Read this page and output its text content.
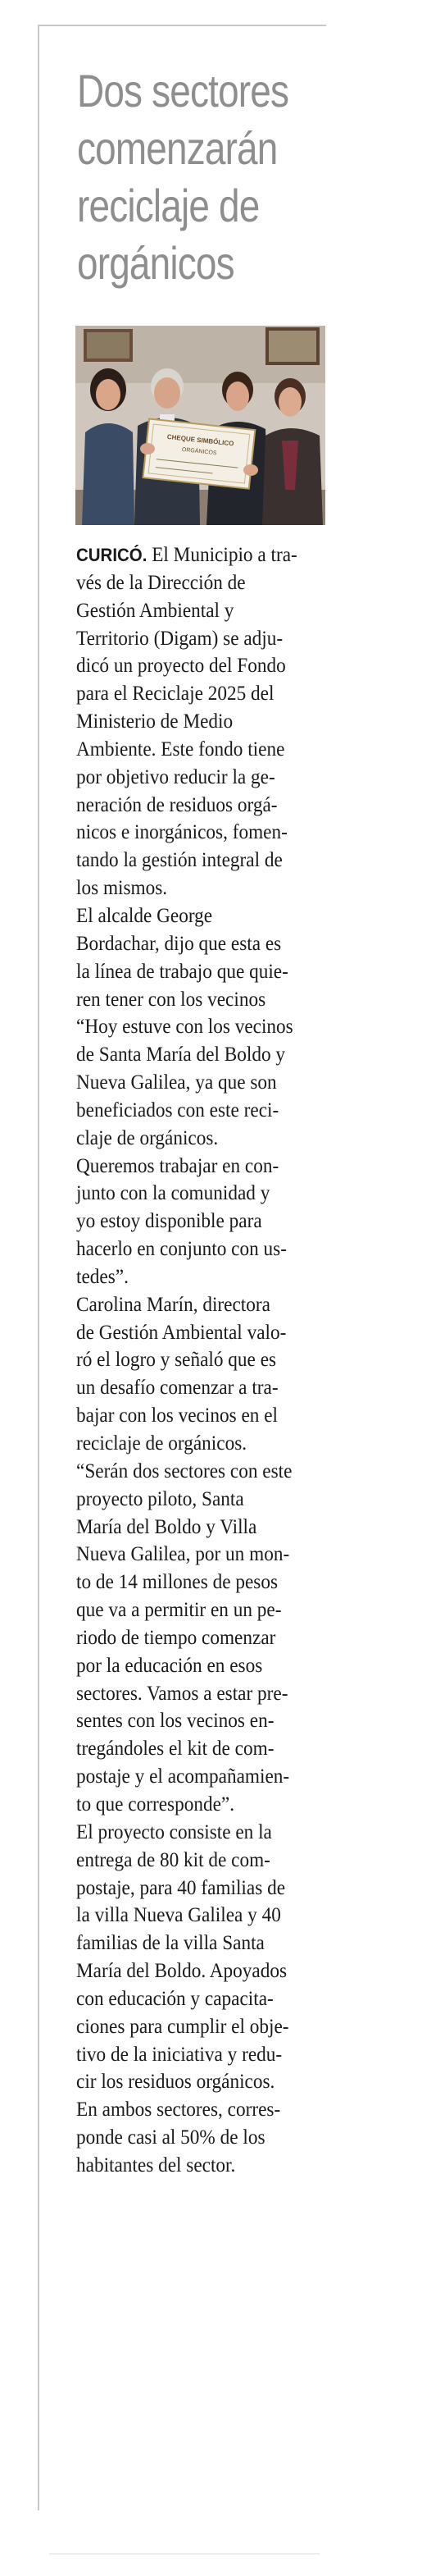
Dos sectores
comenzarán
reciclaje de
orgánicos
CHEQUE SIMBÓLICO
ORGÁNICOS

CURICÓ. El Municipio a tra-

vés de la Dirección de

Gestión Ambiental y

Territorio (Digam) se adju-

dicó un proyecto del Fondo

para el Reciclaje 2025 del

Ministerio de Medio

Ambiente. Este fondo tiene

por objetivo reducir la ge-

neración de residuos orgá-

nicos e inorgánicos, fomen-

tando la gestión integral de

los mismos.

El alcalde George

Bordachar, dijo que esta es

la línea de trabajo que quie-

ren tener con los vecinos

“Hoy estuve con los vecinos

de Santa María del Boldo y

Nueva Galilea, ya que son

beneficiados con este reci-

claje de orgánicos.

Queremos trabajar en con-

junto con la comunidad y

yo estoy disponible para

hacerlo en conjunto con us-

tedes”.

Carolina Marín, directora

de Gestión Ambiental valo-

ró el logro y señaló que es

un desafío comenzar a tra-

bajar con los vecinos en el

reciclaje de orgánicos.

“Serán dos sectores con este

proyecto piloto, Santa

María del Boldo y Villa

Nueva Galilea, por un mon-

to de 14 millones de pesos

que va a permitir en un pe-

riodo de tiempo comenzar

por la educación en esos

sectores. Vamos a estar pre-

sentes con los vecinos en-

tregándoles el kit de com-

postaje y el acompañamien-

to que corresponde”.

El proyecto consiste en la

entrega de 80 kit de com-

postaje, para 40 familias de

la villa Nueva Galilea y 40

familias de la villa Santa

María del Boldo. Apoyados

con educación y capacita-

ciones para cumplir el obje-

tivo de la iniciativa y redu-

cir los residuos orgánicos.

En ambos sectores, corres-

ponde casi al 50% de los

habitantes del sector.
